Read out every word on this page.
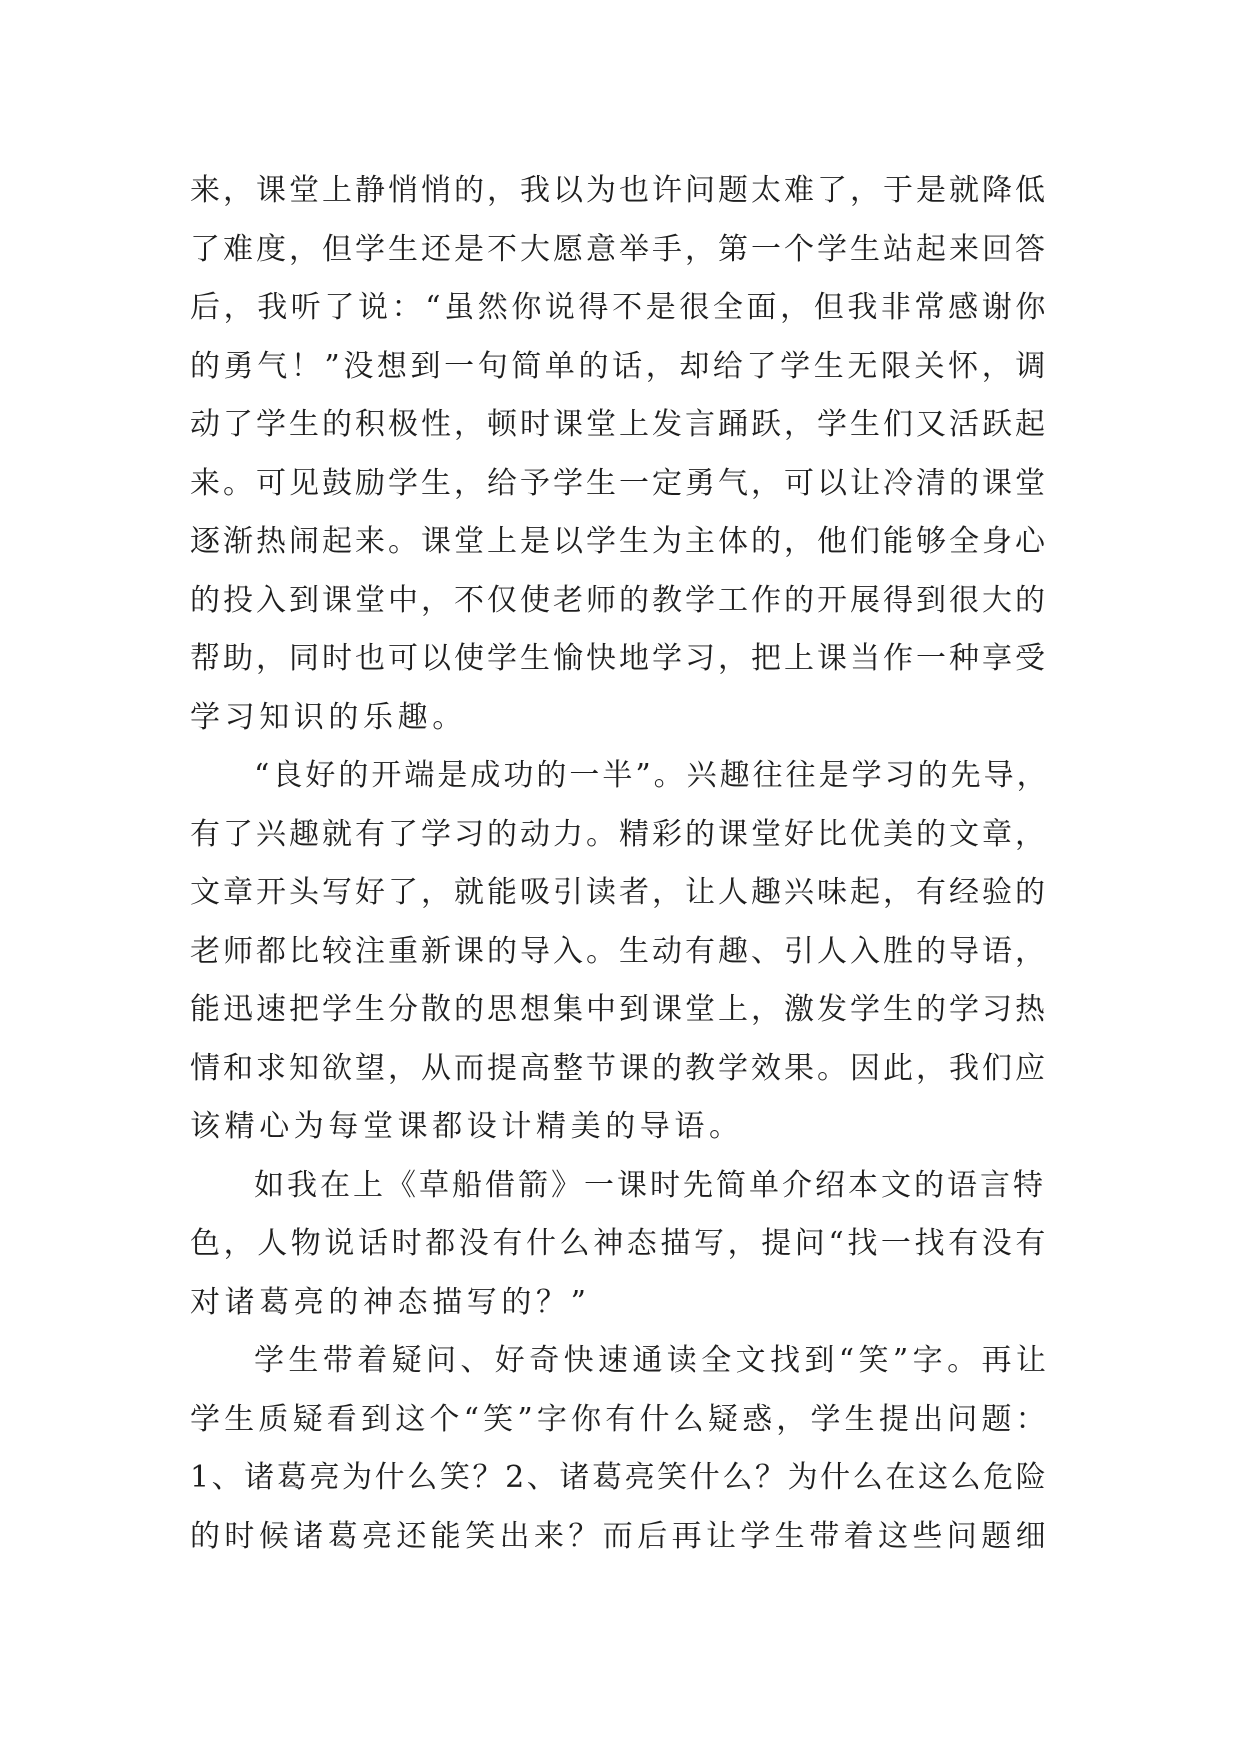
来，课堂上静悄悄的，我以为也许问题太难了，于是就降低
了难度，但学生还是不大愿意举手，第一个学生站起来回答
后，我听了说：“虽然你说得不是很全面，但我非常感谢你
的勇气！”没想到一句简单的话，却给了学生无限关怀，调
动了学生的积极性，顿时课堂上发言踊跃，学生们又活跃起
来。可见鼓励学生，给予学生一定勇气，可以让冷清的课堂
逐渐热闹起来。课堂上是以学生为主体的，他们能够全身心
的投入到课堂中，不仅使老师的教学工作的开展得到很大的
帮助，同时也可以使学生愉快地学习，把上课当作一种享受
学习知识的乐趣。
“良好的开端是成功的一半”。兴趣往往是学习的先导，
有了兴趣就有了学习的动力。精彩的课堂好比优美的文章，
文章开头写好了，就能吸引读者，让人趣兴味起，有经验的
老师都比较注重新课的导入。生动有趣、引人入胜的导语，
能迅速把学生分散的思想集中到课堂上，激发学生的学习热
情和求知欲望，从而提高整节课的教学效果。因此，我们应
该精心为每堂课都设计精美的导语。
如我在上《草船借箭》一课时先简单介绍本文的语言特
色，人物说话时都没有什么神态描写，提问“找一找有没有
对诸葛亮的神态描写的？”
学生带着疑问、好奇快速通读全文找到“笑”字。再让
学生质疑看到这个“笑”字你有什么疑惑，学生提出问题：
1、诸葛亮为什么笑？2、诸葛亮笑什么？为什么在这么危险
的时候诸葛亮还能笑出来？而后再让学生带着这些问题细
